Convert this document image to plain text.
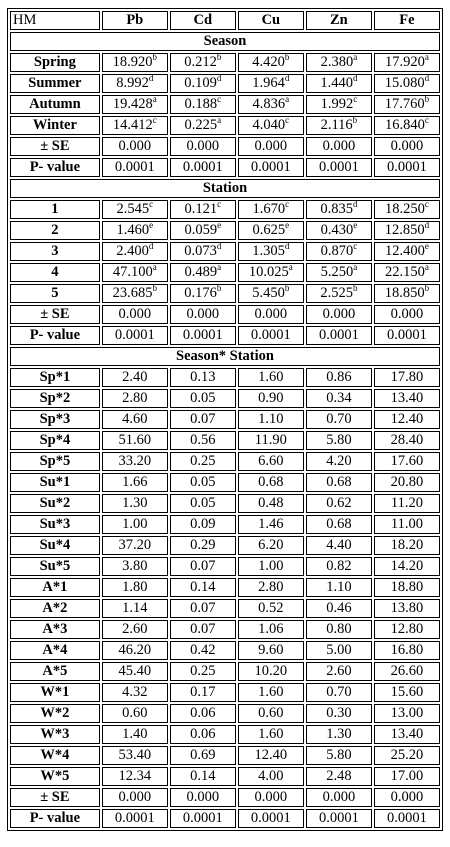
HM	Pb	Cd	Cu	Zn	Fe
Season					
Spring	18.920$^b$	0.212$^b$	4.420$^b$	2.380$^a$	17.920$^a$
Summer	8.992$^d$	0.109$^d$	1.964$^d$	1.440$^d$	15.080$^d$
Autumn	19.428$^a$	0.188$^c$	4.836$^a$	1.992$^c$	17.760$^b$
Winter	14.412$^c$	0.225$^a$	4.040$^c$	2.116$^b$	16.840$^c$
± SE	0.000	0.000	0.000	0.000	0.000
P- value	0.0001	0.0001	0.0001	0.0001	0.0001
Station					
1	2.545$^c$	0.121$^c$	1.670$^c$	0.835$^d$	18.250$^c$
2	1.460e	0.059e	0.625e	0.430e	12.850$^d$
3	2.400$^d$	0.073$^d$	1.305$^d$	0.870$^c$	12.400e
4	47.100$^a$	0.489$^a$	10.025$^a$	5.250$^a$	22.150$^a$
5	23.685$^b$	0.176$^b$	5.450$^b$	2.525$^b$	18.850$^b$
± SE	0.000	0.000	0.000	0.000	0.000
P- value	0.0001	0.0001	0.0001	0.0001	0.0001
Season* Station					
Sp*1	2.40	0.13	1.60	0.86	17.80
Sp*2	2.80	0.05	0.90	0.34	13.40
Sp*3	4.60	0.07	1.10	0.70	12.40
Sp*4	51.60	0.56	11.90	5.80	28.40
Sp*5	33.20	0.25	6.60	4.20	17.60
Su*1	1.66	0.05	0.68	0.68	20.80
Su*2	1.30	0.05	0.48	0.62	11.20
Su*3	1.00	0.09	1.46	0.68	11.00
Su*4	37.20	0.29	6.20	4.40	18.20
Su*5	3.80	0.07	1.00	0.82	14.20
A*1	1.80	0.14	2.80	1.10	18.80
A*2	1.14	0.07	0.52	0.46	13.80
A*3	2.60	0.07	1.06	0.80	12.80
A*4	46.20	0.42	9.60	5.00	16.80
A*5	45.40	0.25	10.20	2.60	26.60
W*1	4.32	0.17	1.60	0.70	15.60
W*2	0.60	0.06	0.60	0.30	13.00
W*3	1.40	0.06	1.60	1.30	13.40
W*4	53.40	0.69	12.40	5.80	25.20
W*5	12.34	0.14	4.00	2.48	17.00
± SE	0.000	0.000	0.000	0.000	0.000
P- value	0.0001	0.0001	0.0001	0.0001	0.0001
